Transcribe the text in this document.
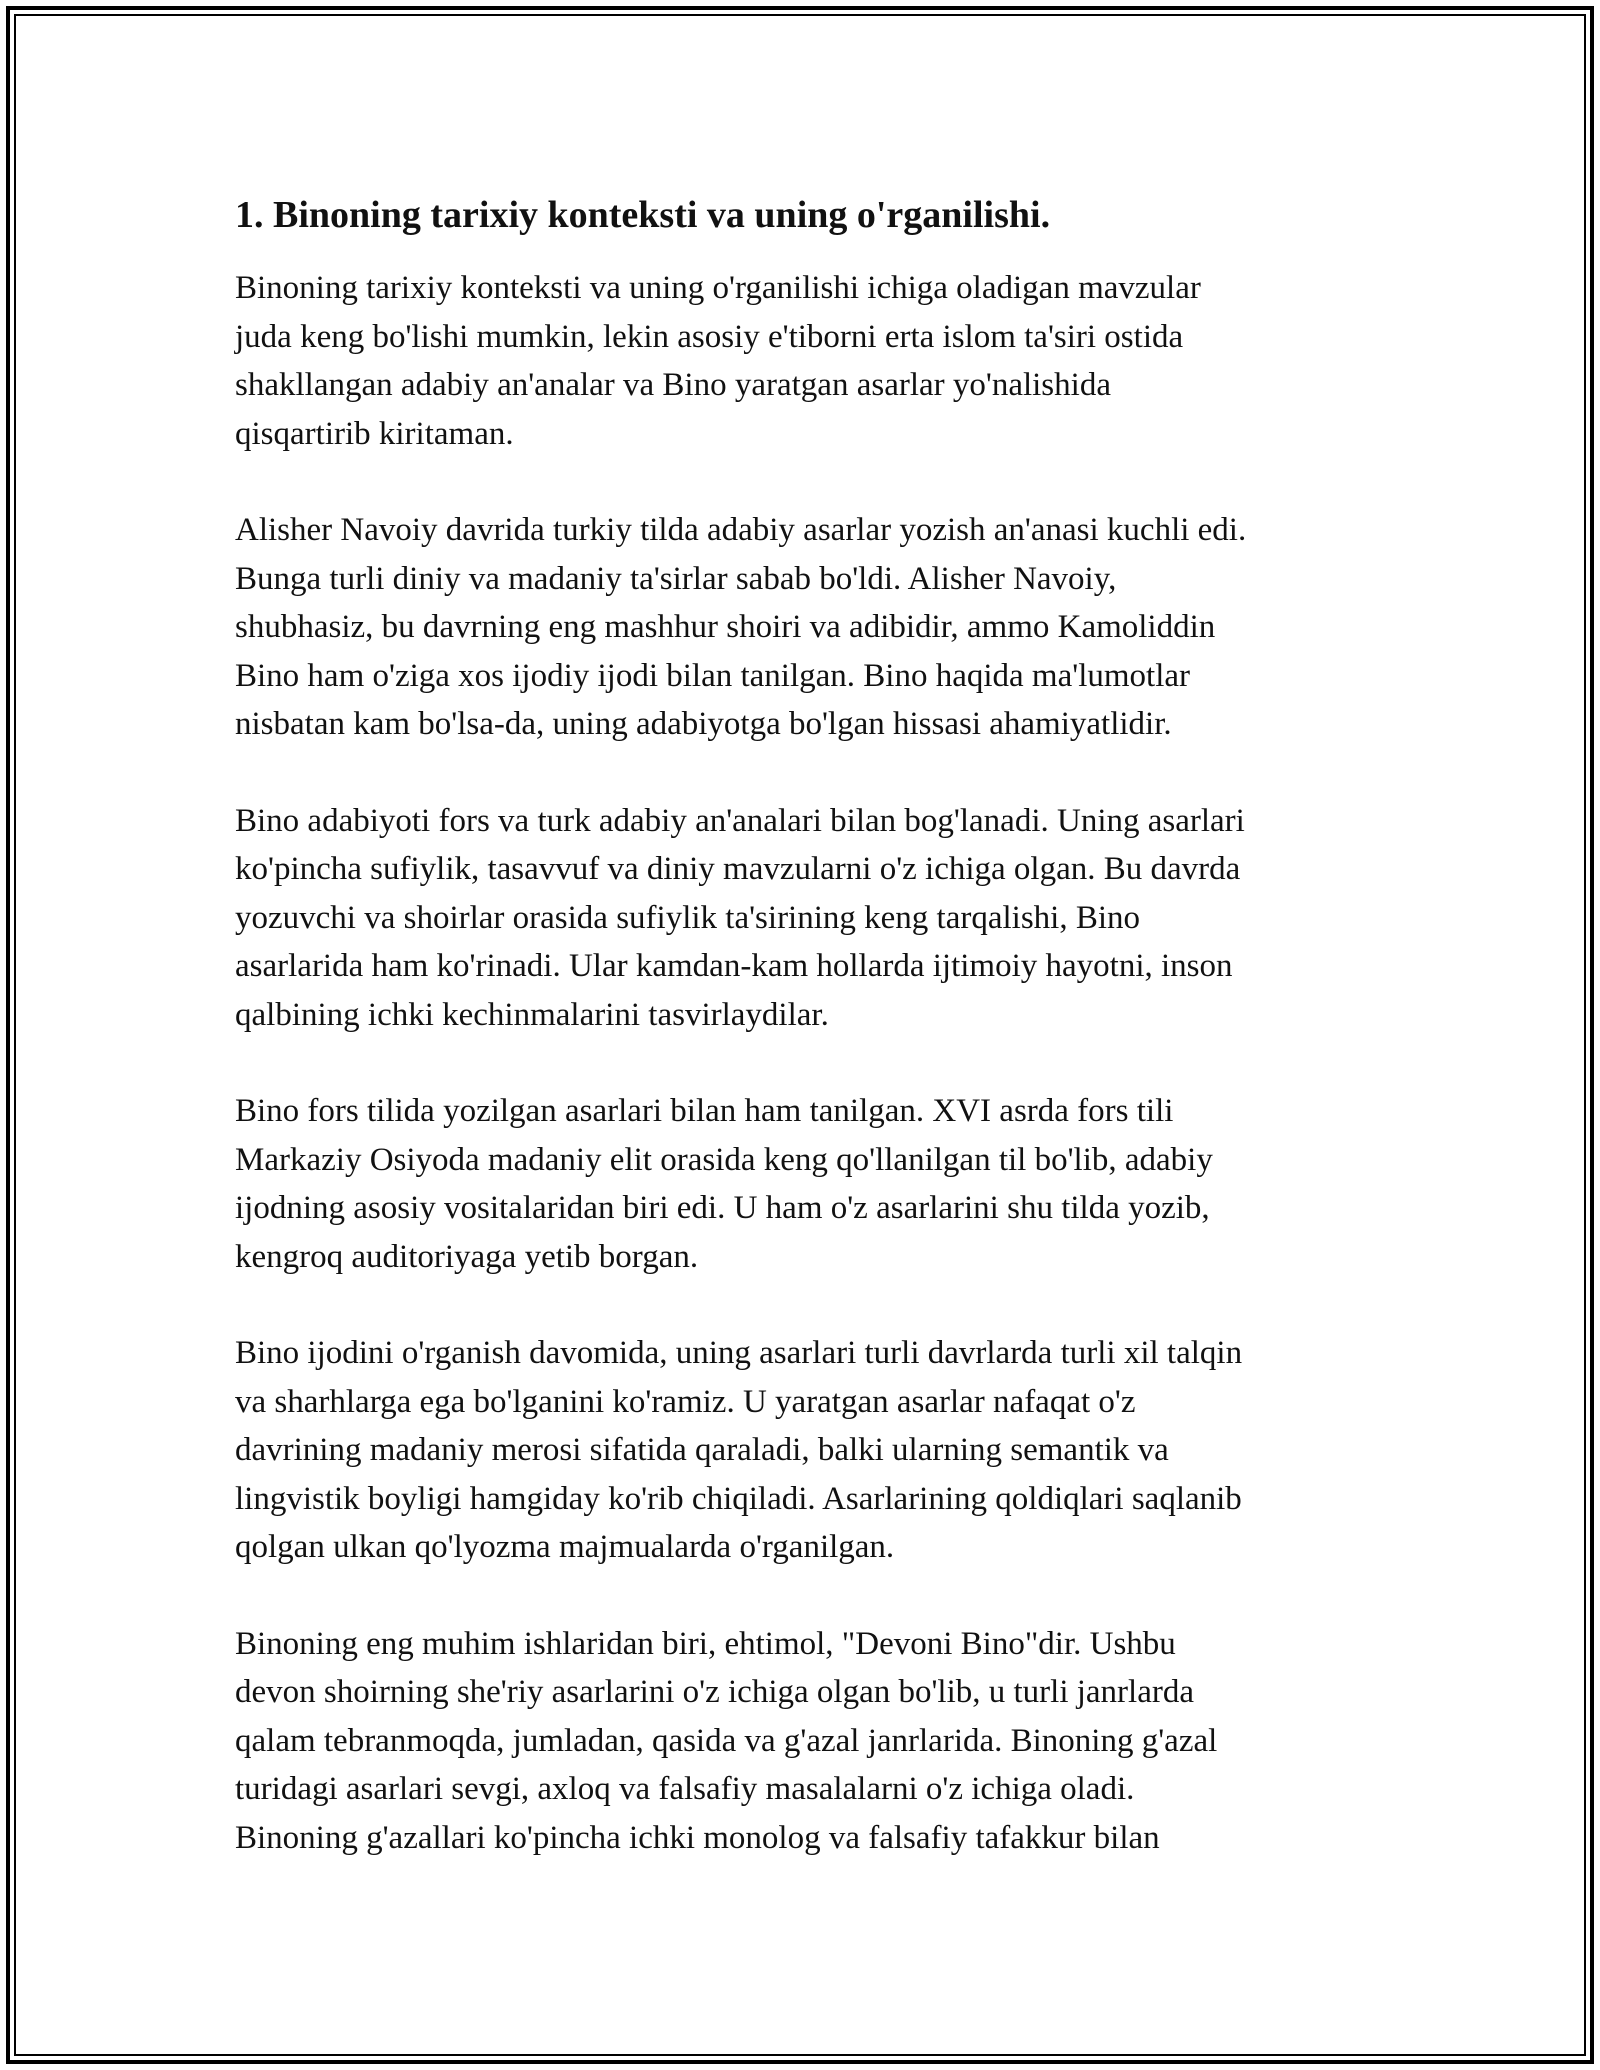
1. Binoning tarixiy konteksti va uning o'rganilishi.

Binoning tarixiy konteksti va uning o'rganilishi ichiga oladigan mavzular
juda keng bo'lishi mumkin, lekin asosiy e'tiborni erta islom ta'siri ostida
shakllangan adabiy an'analar va Bino yaratgan asarlar yo'nalishida
qisqartirib kiritaman.

Alisher Navoiy davrida turkiy tilda adabiy asarlar yozish an'anasi kuchli edi.
Bunga turli diniy va madaniy ta'sirlar sabab bo'ldi. Alisher Navoiy,
shubhasiz, bu davrning eng mashhur shoiri va adibidir, ammo Kamoliddin
Bino ham o'ziga xos ijodiy ijodi bilan tanilgan. Bino haqida ma'lumotlar
nisbatan kam bo'lsa-da, uning adabiyotga bo'lgan hissasi ahamiyatlidir.

Bino adabiyoti fors va turk adabiy an'analari bilan bog'lanadi. Uning asarlari
ko'pincha sufiylik, tasavvuf va diniy mavzularni o'z ichiga olgan. Bu davrda
yozuvchi va shoirlar orasida sufiylik ta'sirining keng tarqalishi, Bino
asarlarida ham ko'rinadi. Ular kamdan-kam hollarda ijtimoiy hayotni, inson
qalbining ichki kechinmalarini tasvirlaydilar.

Bino fors tilida yozilgan asarlari bilan ham tanilgan. XVI asrda fors tili
Markaziy Osiyoda madaniy elit orasida keng qo'llanilgan til bo'lib, adabiy
ijodning asosiy vositalaridan biri edi. U ham o'z asarlarini shu tilda yozib,
kengroq auditoriyaga yetib borgan.

Bino ijodini o'rganish davomida, uning asarlari turli davrlarda turli xil talqin
va sharhlarga ega bo'lganini ko'ramiz. U yaratgan asarlar nafaqat o'z
davrining madaniy merosi sifatida qaraladi, balki ularning semantik va
lingvistik boyligi hamgiday ko'rib chiqiladi. Asarlarining qoldiqlari saqlanib
qolgan ulkan qo'lyozma majmualarda o'rganilgan.

Binoning eng muhim ishlaridan biri, ehtimol, "Devoni Bino"dir. Ushbu
devon shoirning she'riy asarlarini o'z ichiga olgan bo'lib, u turli janrlarda
qalam tebranmoqda, jumladan, qasida va g'azal janrlarida. Binoning g'azal
turidagi asarlari sevgi, axloq va falsafiy masalalarni o'z ichiga oladi.
Binoning g'azallari ko'pincha ichki monolog va falsafiy tafakkur bilan
